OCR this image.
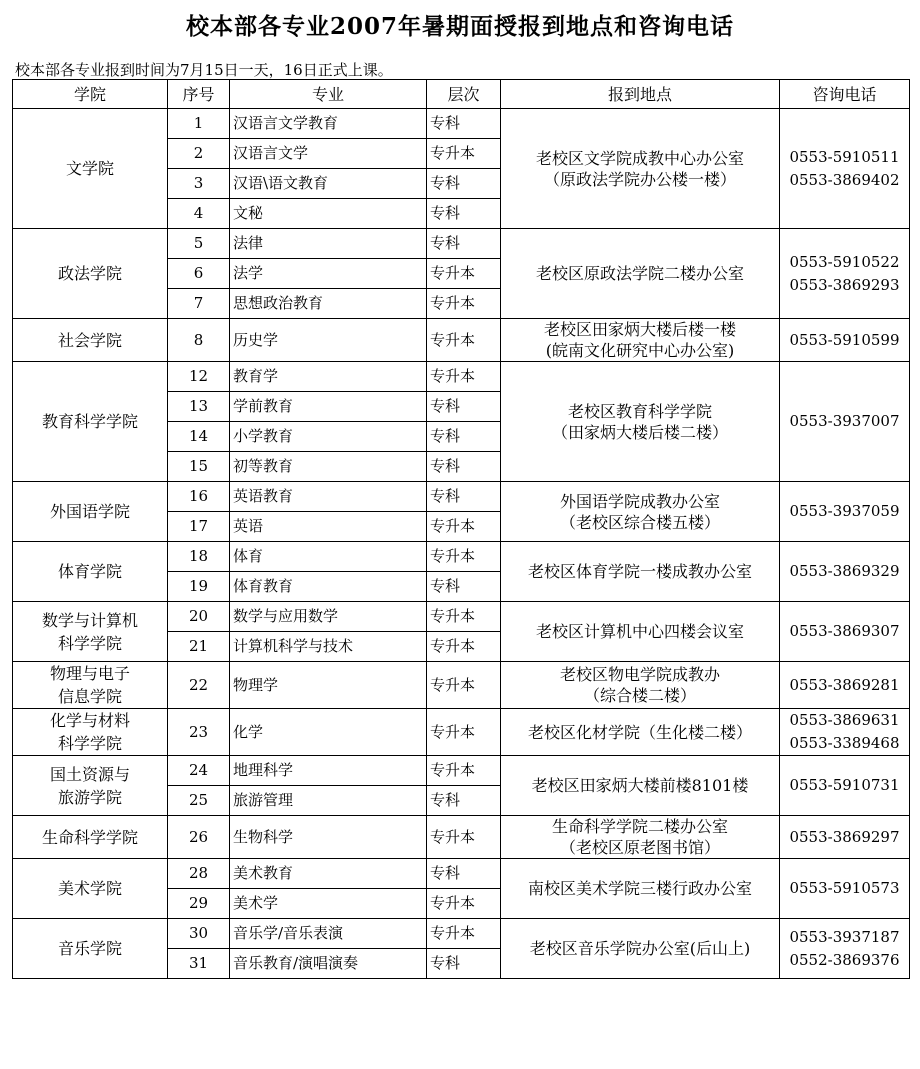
校本部各专业2007年暑期面授报到地点和咨询电话
校本部各专业报到时间为7月15日一天，16日正式上课。
学院	序号	专业	层次	报到地点	咨询电话

文学院	1	汉语言文学教育	专科	老校区文学院成教中心办公室
（原政法学院办公楼一楼）	0553-5910511
0553-3869402

	2	汉语言文学	专升本		
	3	汉语\语文教育	专科		
	4	文秘	专科		

政法学院	5	法律	专科	老校区原政法学院二楼办公室	0553-5910522
0553-3869293

	6	法学	专升本		
	7	思想政治教育	专升本		

社会学院	8	历史学	专升本	老校区田家炳大楼后楼一楼
(皖南文化研究中心办公室)	0553-5910599

教育科学学院	12	教育学	专升本	老校区教育科学学院
（田家炳大楼后楼二楼）	0553-3937007

	13	学前教育	专科		
	14	小学教育	专科		
	15	初等教育	专科		

外国语学院	16	英语教育	专科	外国语学院成教办公室
（老校区综合楼五楼）	0553-3937059

	17	英语	专升本		

体育学院	18	体育	专升本	老校区体育学院一楼成教办公室	0553-3869329

	19	体育教育	专科		

数学与计算机
科学学院	20	数学与应用数学	专升本	老校区计算机中心四楼会议室	0553-3869307

	21	计算机科学与技术	专升本		

物理与电子
信息学院	22	物理学	专升本	老校区物电学院成教办
（综合楼二楼）	0553-3869281

化学与材料
科学学院	23	化学	专升本	老校区化材学院（生化楼二楼）	0553-3869631
0553-3389468

国土资源与
旅游学院	24	地理科学	专升本	老校区田家炳大楼前楼8101楼	0553-5910731

	25	旅游管理	专科		

生命科学学院	26	生物科学	专升本	生命科学学院二楼办公室
（老校区原老图书馆）	0553-3869297

美术学院	28	美术教育	专科	南校区美术学院三楼行政办公室	0553-5910573

	29	美术学	专升本		

音乐学院	30	音乐学/音乐表演	专升本	老校区音乐学院办公室(后山上)	0553-3937187
0552-3869376

	31	音乐教育/演唱演奏	专科		
